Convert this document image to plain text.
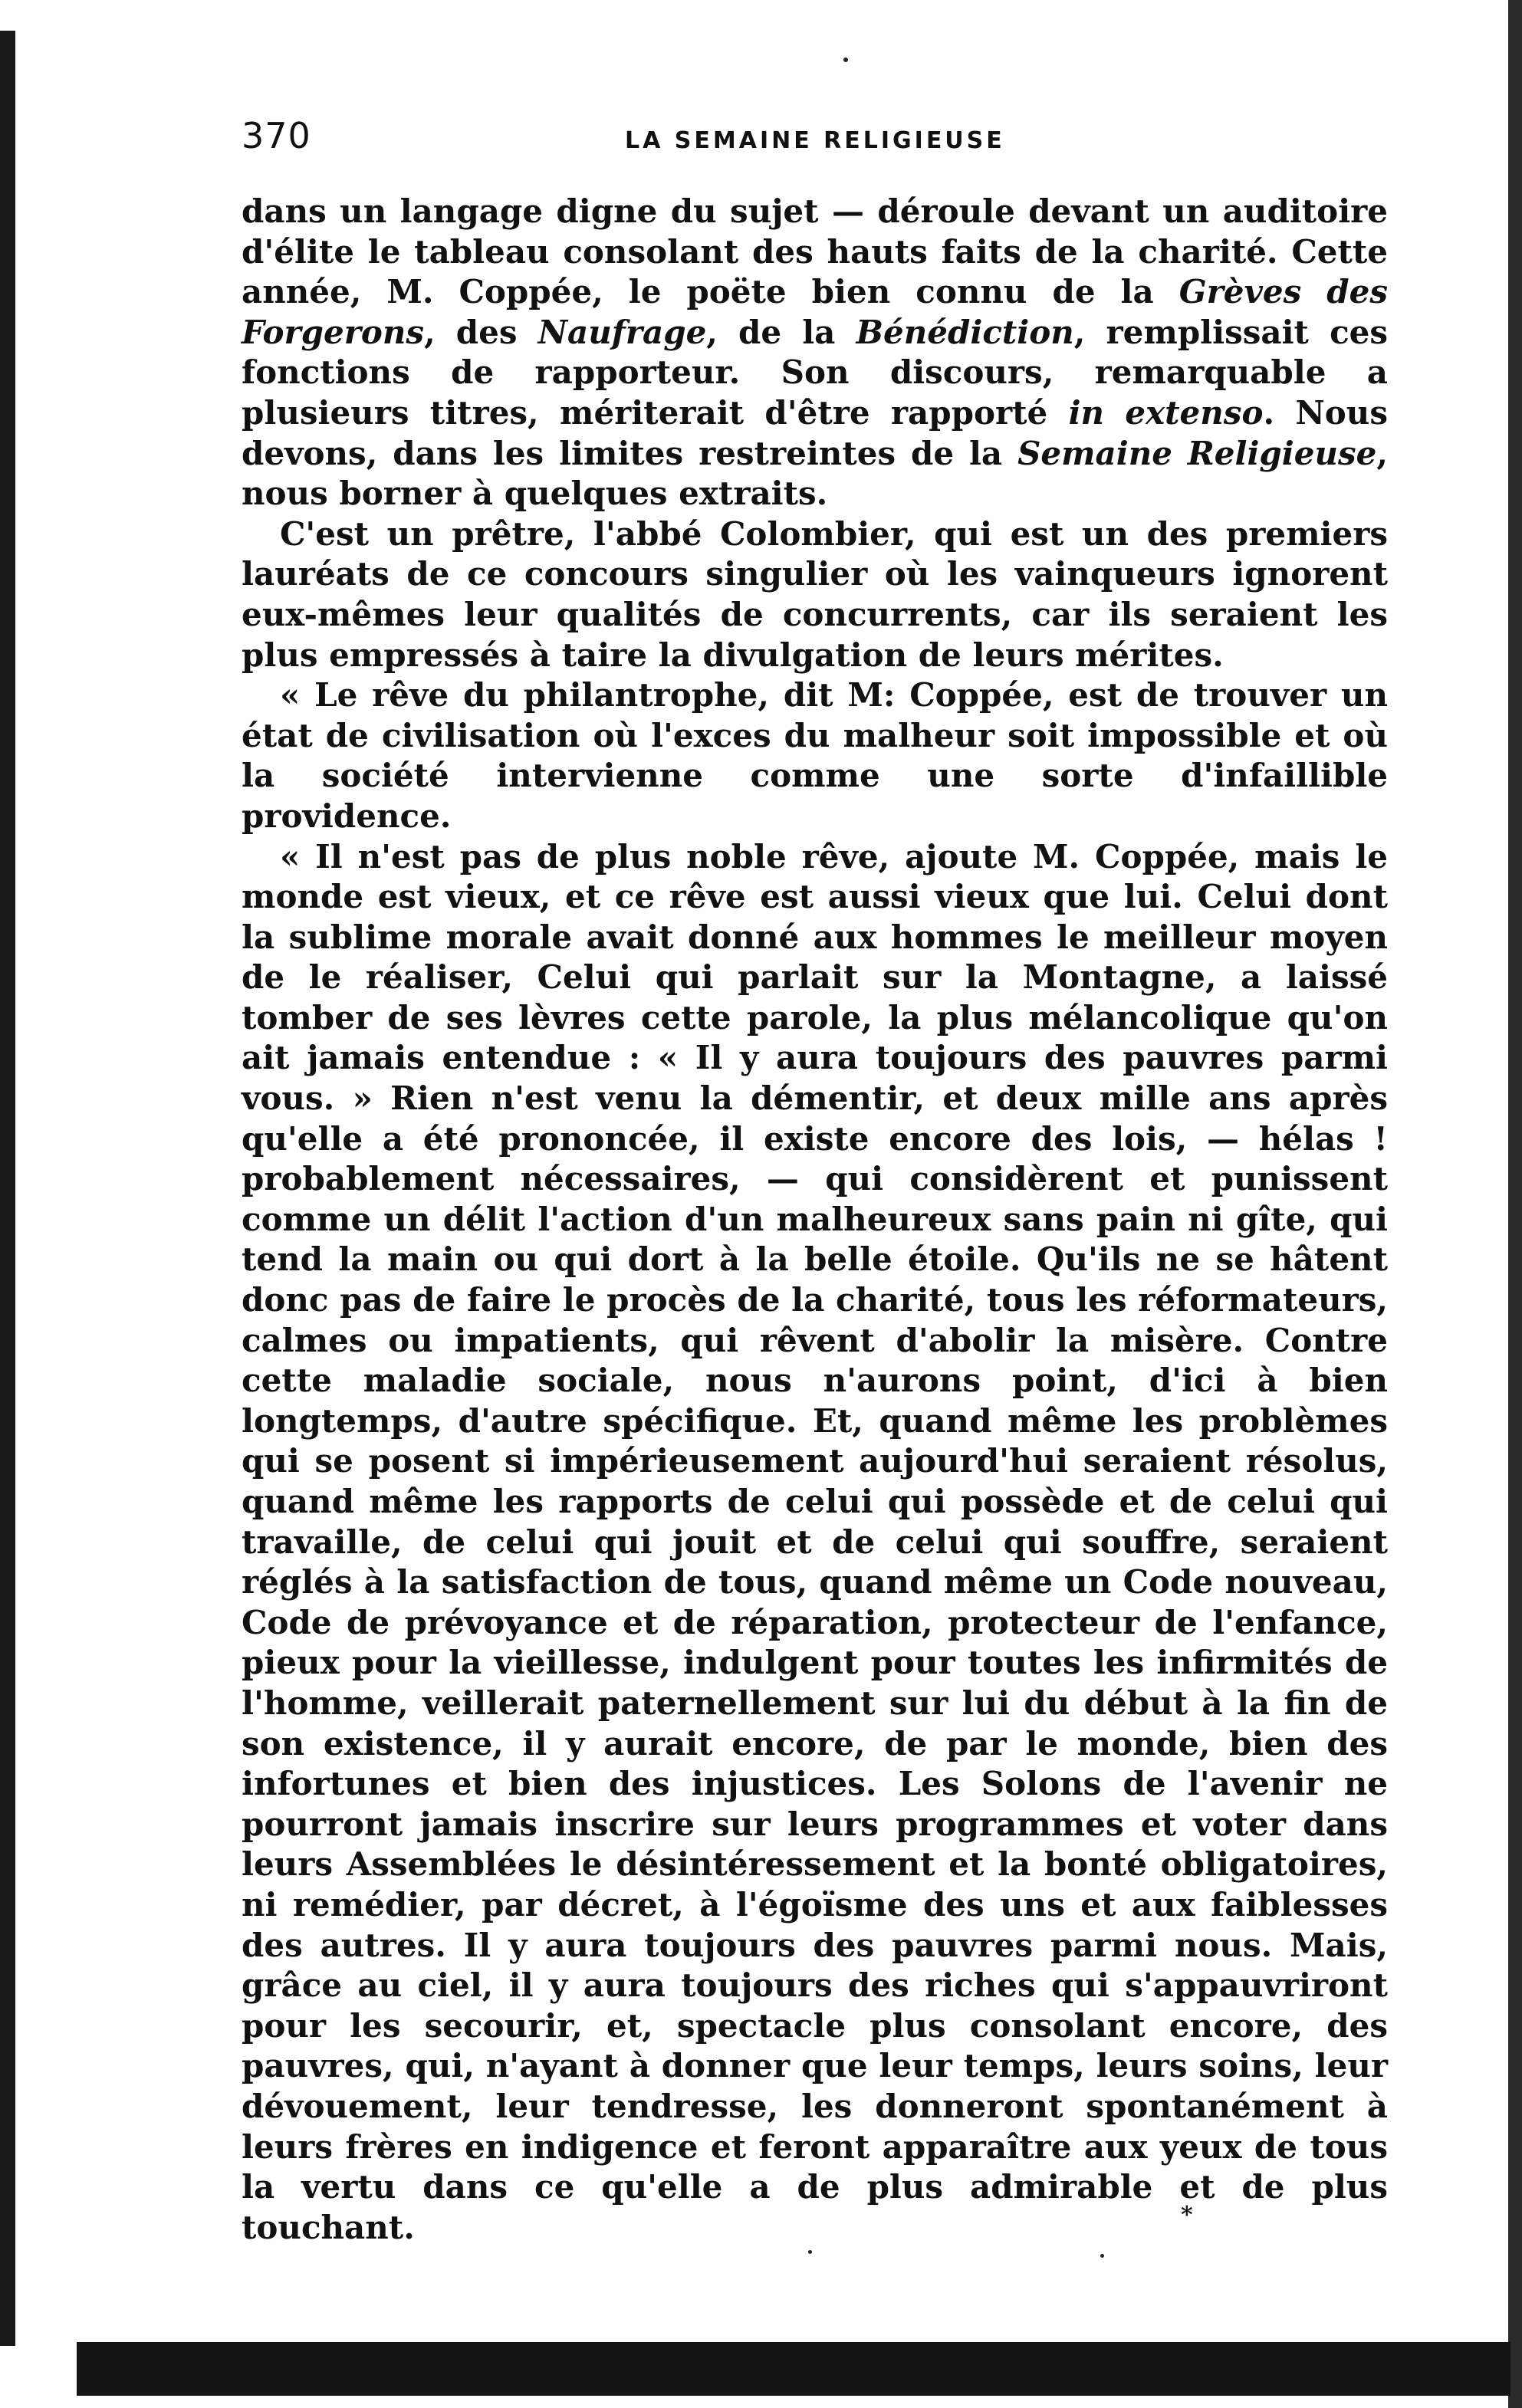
370	LA SEMAINE RELIGIEUSE

dans un langage digne du sujet — déroule devant un auditoire d'élite le tableau consolant des hauts faits de la charité. Cette année, M. Coppée, le poëte bien connu de la Grèves des Forgerons, des Naufrage, de la Bénédiction, remplissait ces fonctions de rapporteur. Son discours, remarquable a plusieurs titres, mériterait d'être rapporté in extenso. Nous devons, dans les limites restreintes de la Semaine Religieuse, nous borner à quelques extraits.

C'est un prêtre, l'abbé Colombier, qui est un des premiers lauréats de ce concours singulier où les vainqueurs ignorent eux-mêmes leur qualités de concurrents, car ils seraient les plus empressés à taire la divulgation de leurs mérites.

« Le rêve du philantrophe, dit M: Coppée, est de trouver un état de civilisation où l'exces du malheur soit impossible et où la société intervienne comme une sorte d'infaillible providence.

« Il n'est pas de plus noble rêve, ajoute M. Coppée, mais le monde est vieux, et ce rêve est aussi vieux que lui. Celui dont la sublime morale avait donné aux hommes le meilleur moyen de le réaliser, Celui qui parlait sur la Montagne, a laissé tomber de ses lèvres cette parole, la plus mélancolique qu'on ait jamais entendue : « Il y aura toujours des pauvres parmi vous. » Rien n'est venu la démentir, et deux mille ans après qu'elle a été prononcée, il existe encore des lois, — hélas ! probablement nécessaires, — qui considèrent et punissent comme un délit l'action d'un malheureux sans pain ni gîte, qui tend la main ou qui dort à la belle étoile. Qu'ils ne se hâtent donc pas de faire le procès de la charité, tous les réformateurs, calmes ou impatients, qui rêvent d'abolir la misère. Contre cette maladie sociale, nous n'aurons point, d'ici à bien longtemps, d'autre spécifique. Et, quand même les problèmes qui se posent si impérieusement aujourd'hui seraient résolus, quand même les rapports de celui qui possède et de celui qui travaille, de celui qui jouit et de celui qui souffre, seraient réglés à la satisfaction de tous, quand même un Code nouveau, Code de prévoyance et de réparation, protecteur de l'enfance, pieux pour la vieillesse, indulgent pour toutes les infirmités de l'homme, veillerait paternellement sur lui du début à la fin de son existence, il y aurait encore, de par le monde, bien des infortunes et bien des injustices. Les Solons de l'avenir ne pourront jamais inscrire sur leurs programmes et voter dans leurs Assemblées le désintéressement et la bonté obligatoires, ni remédier, par décret, à l'égoïsme des uns et aux faiblesses des autres. Il y aura toujours des pauvres parmi nous. Mais, grâce au ciel, il y aura toujours des riches qui s'appauvriront pour les secourir, et, spectacle plus consolant encore, des pauvres, qui, n'ayant à donner que leur temps, leurs soins, leur dévouement, leur tendresse, les donneront spontanément à leurs frères en indigence et feront apparaître aux yeux de tous la vertu dans ce qu'elle a de plus admirable et de plus touchant.	*
